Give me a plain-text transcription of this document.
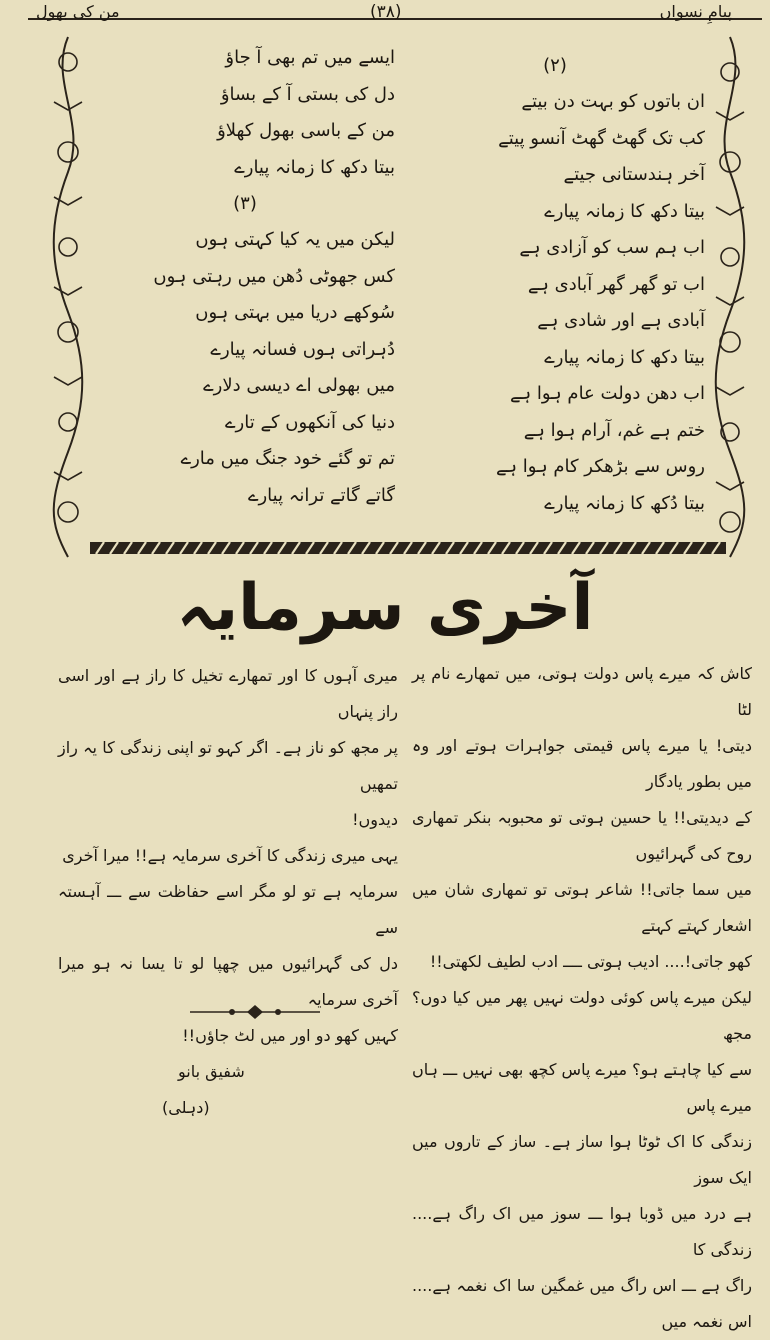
پیامِ نسواں
(۳۸)
من کی بھول
(۲)
ان باتوں کو بہت دن بیتے
کب تک گھٹ گھٹ آنسو پیتے
آخر ہندستانی جیتے
بیتا دکھ کا زمانہ پیارے
اب ہم سب کو آزادی ہے
اب تو گھر گھر آبادی ہے
آبادی ہے اور شادی ہے
بیتا دکھ کا زمانہ پیارے
اب دھن دولت عام ہوا ہے
ختم ہے غم، آرام ہوا ہے
روس سے بڑھکر کام ہوا ہے
بیتا دُکھ کا زمانہ پیارے
ایسے میں تم بھی آ جاؤ
دل کی بستی آ کے بساؤ
من کے باسی بھول کھلاؤ
بیتا دکھ کا زمانہ پیارے
(۳)
لیکن میں یہ کیا کہتی ہوں
کس جھوٹی دُھن میں رہتی ہوں
سُوکھے دریا میں بہتی ہوں
دُہراتی ہوں فسانہ پیارے
میں بھولی اے دیسی دلارے
دنیا کی آنکھوں کے تارے
تم تو گئے خود جنگ میں مارے
گاتے گاتے ترانہ پیارے
آخری سرمایہ

کاش کہ میرے پاس دولت ہوتی، میں تمھارے نام پر لٹا

دیتی! یا میرے پاس قیمتی جواہرات ہوتے اور وہ میں بطور یادگار

کے دیدیتی!! یا حسین ہوتی تو محبوبہ بنکر تمھاری روح کی گہرائیوں

میں سما جاتی!! شاعر ہوتی تو تمھاری شان میں اشعار کہتے کہتے

کھو جاتی!.... ادیب ہوتی ــــ ادب لطیف لکھتی!!

لیکن میرے پاس کوئی دولت نہیں پھر میں کیا دوں؟ مجھ

سے کیا چاہتے ہو؟ میرے پاس کچھ بھی نہیں ـــ ہاں میرے پاس

زندگی کا اک ٹوٹا ہوا ساز ہے۔ ساز کے تاروں میں ایک سوز

ہے درد میں ڈوبا ہوا ـــ سوز میں اک راگ ہے.... زندگی کا

راگ ہے ـــ اس راگ میں غمگین سا اک نغمہ ہے.... اس نغمہ میں

میری آہوں کا اور تمھارے تخیل کا راز ہے اور اسی راز پنہاں

پر مجھ کو ناز ہے۔ اگر کہو تو اپنی زندگی کا یہ راز تمھیں

دیدوں!

یہی میری زندگی کا آخری سرمایہ ہے!! میرا آخری

سرمایہ ہے تو لو مگر اسے حفاظت سے ـــ آہستہ سے

دل کی گہرائیوں میں چھپا لو تا یسا نہ ہو میرا آخری سرمایہ

کہیں کھو دو اور میں لٹ جاؤں!!

شفیق بانو

(دہلی)
